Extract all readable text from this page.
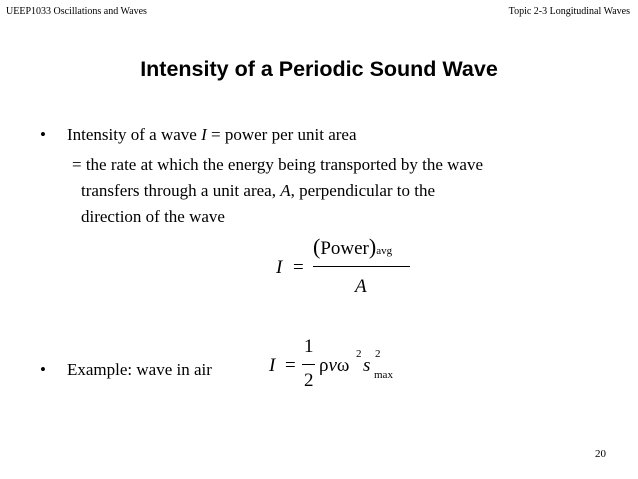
UEEP1033 Oscillations and Waves	Topic 2-3 Longitudinal Waves
Intensity of a Periodic Sound Wave
• Intensity of a wave I = power per unit area
= the rate at which the energy being transported by the wave
transfers through a unit area, A, perpendicular to the
direction of the wave
I =
(Power)avg
A
• Example: wave in air	I =
1
2
ρvω
2
s
2
max
20
